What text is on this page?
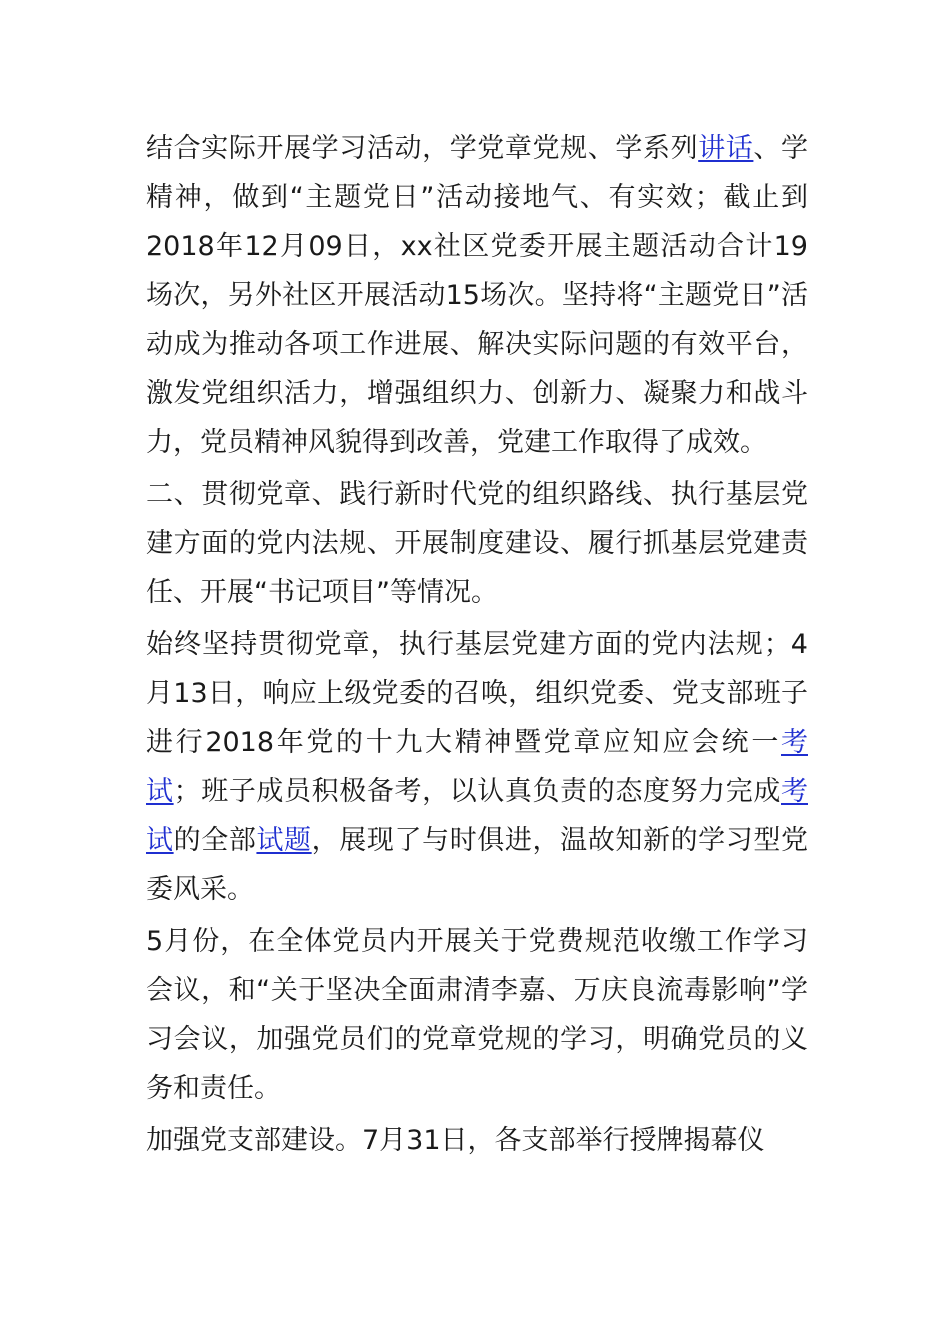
结合实际开展学习活动，学党章党规、学系列讲话、学精神，做到“主题党日”活动接地气、有实效；截止到2018年12月09日，xx社区党委开展主题活动合计19场次，另外社区开展活动15场次。坚持将“主题党日”活动成为推动各项工作进展、解决实际问题的有效平台，激发党组织活力，增强组织力、创新力、凝聚力和战斗力，党员精神风貌得到改善，党建工作取得了成效。

二、贯彻党章、践行新时代党的组织路线、执行基层党建方面的党内法规、开展制度建设、履行抓基层党建责任、开展“书记项目”等情况。

始终坚持贯彻党章，执行基层党建方面的党内法规；4月13日，响应上级党委的召唤，组织党委、党支部班子进行2018年党的十九大精神暨党章应知应会统一考试；班子成员积极备考，以认真负责的态度努力完成考试的全部试题，展现了与时俱进，温故知新的学习型党委风采。

5月份，在全体党员内开展关于党费规范收缴工作学习会议，和“关于坚决全面肃清李嘉、万庆良流毒影响”学习会议，加强党员们的党章党规的学习，明确党员的义务和责任。

加强党支部建设。7月31日，各支部举行授牌揭幕仪
